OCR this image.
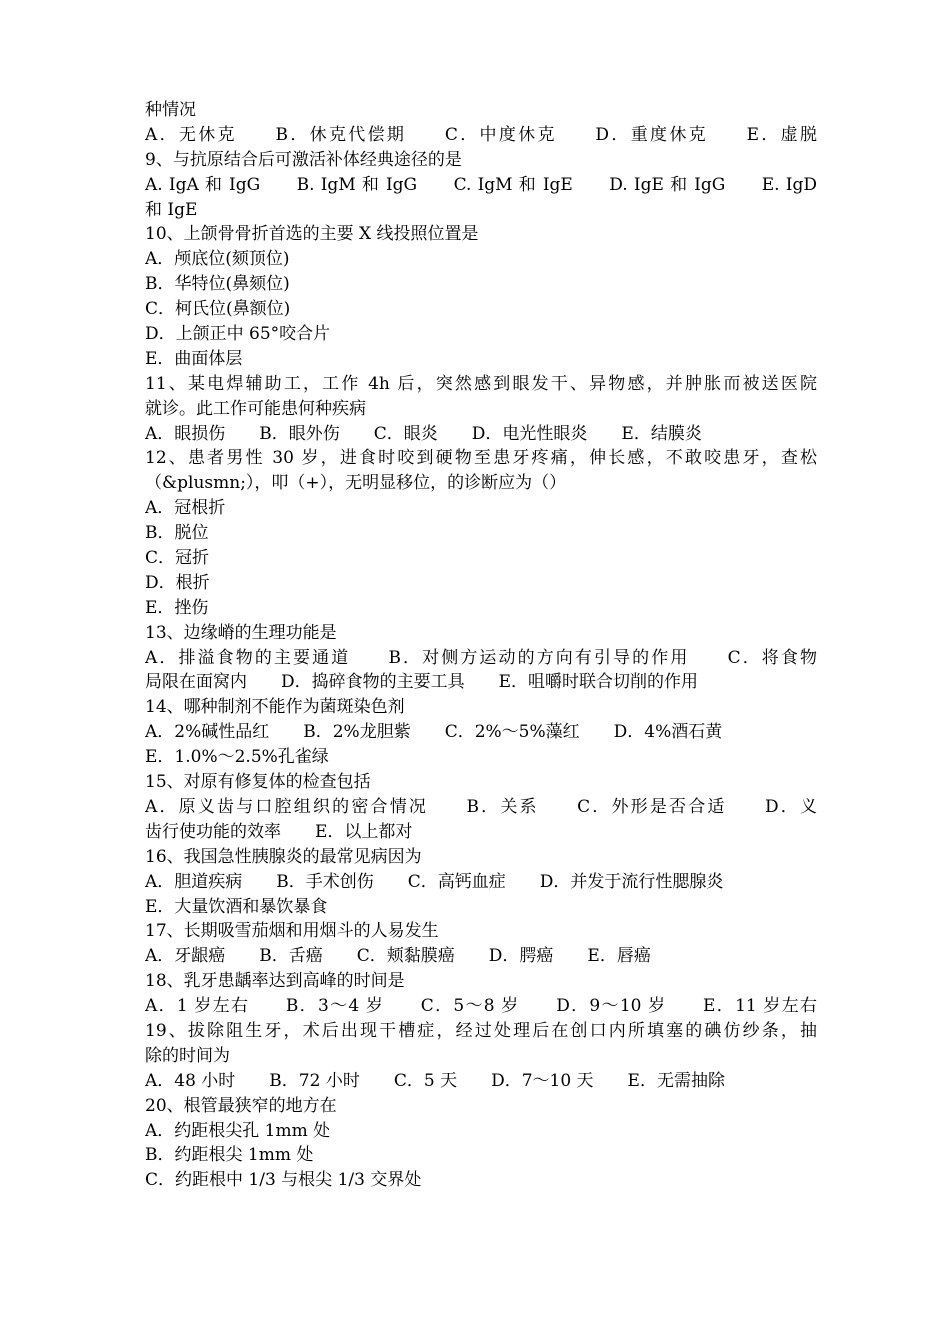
种情况
A．无休克　　B．休克代偿期　　C．中度休克　　D．重度休克　　E．虚脱
9、与抗原结合后可激活补体经典途径的是
A. IgA 和 IgG　　B. IgM 和 IgG　　C. IgM 和 IgE　　D. IgE 和 IgG　　E. IgD
和 IgE
10、上颌骨骨折首选的主要 X 线投照位置是
A．颅底位(颏顶位)
B．华特位(鼻颏位)
C．柯氏位(鼻额位)
D．上颌正中 65°咬合片
E．曲面体层
11、某电焊辅助工，工作 4h 后，突然感到眼发干、异物感，并肿胀而被送医院
就诊。此工作可能患何种疾病
A．眼损伤　　B．眼外伤　　C．眼炎　　D．电光性眼炎　　E．结膜炎
12、患者男性 30 岁，进食时咬到硬物至患牙疼痛，伸长感，不敢咬患牙，查松
（&plusmn;），叩（+），无明显移位，的诊断应为（）
A．冠根折
B．脱位
C．冠折
D．根折
E．挫伤
13、边缘嵴的生理功能是
A．排溢食物的主要通道　　B．对侧方运动的方向有引导的作用　　C．将食物
局限在面窝内　　D．捣碎食物的主要工具　　E．咀嚼时联合切削的作用
14、哪种制剂不能作为菌斑染色剂
A．2%碱性品红　　B．2%龙胆紫　　C．2%～5%藻红　　D．4%酒石黄
E．1.0%～2.5%孔雀绿
15、对原有修复体的检查包括
A．原义齿与口腔组织的密合情况　　B．关系　　C．外形是否合适　　D．义
齿行使功能的效率　　E．以上都对
16、我国急性胰腺炎的最常见病因为
A．胆道疾病　　B．手术创伤　　C．高钙血症　　D．并发于流行性腮腺炎
E．大量饮酒和暴饮暴食
17、长期吸雪茄烟和用烟斗的人易发生
A．牙龈癌　　B．舌癌　　C．颊黏膜癌　　D．腭癌　　E．唇癌
18、乳牙患龋率达到高峰的时间是
A．1 岁左右　　B．3～4 岁　　C．5～8 岁　　D．9～10 岁　　E．11 岁左右
19、拔除阻生牙，术后出现干槽症，经过处理后在创口内所填塞的碘仿纱条，抽
除的时间为
A．48 小时　　B．72 小时　　C．5 天　　D．7～10 天　　E．无需抽除
20、根管最狭窄的地方在
A．约距根尖孔 1mm 处
B．约距根尖 1mm 处
C．约距根中 1/3 与根尖 1/3 交界处
